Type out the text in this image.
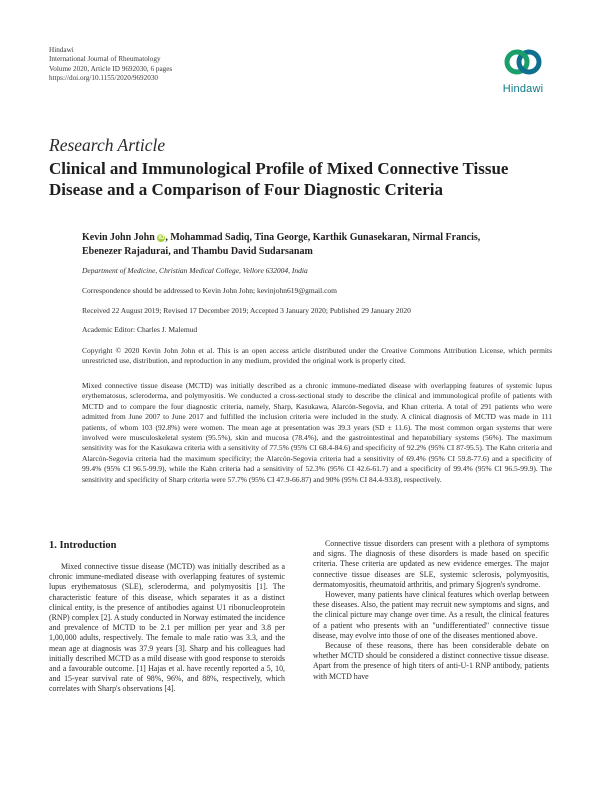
Hindawi
International Journal of Rheumatology
Volume 2020, Article ID 9692030, 6 pages
https://doi.org/10.1155/2020/9692030
Hindawi
Research Article
Clinical and Immunological Profile of Mixed Connective Tissue Disease and a Comparison of Four Diagnostic Criteria
Kevin John John iD, Mohammad Sadiq, Tina George, Karthik Gunasekaran, Nirmal Francis,
Ebenezer Rajadurai, and Thambu David Sudarsanam
Department of Medicine, Christian Medical College, Vellore 632004, India
Correspondence should be addressed to Kevin John John; kevinjohn619@gmail.com
Received 22 August 2019; Revised 17 December 2019; Accepted 3 January 2020; Published 29 January 2020
Academic Editor: Charles J. Malemud
Copyright © 2020 Kevin John John et al. This is an open access article distributed under the Creative Commons Attribution License, which permits unrestricted use, distribution, and reproduction in any medium, provided the original work is properly cited.
Mixed connective tissue disease (MCTD) was initially described as a chronic immune-mediated disease with overlapping features of systemic lupus erythematosus, scleroderma, and polymyositis. We conducted a cross-sectional study to describe the clinical and immunological profile of patients with MCTD and to compare the four diagnostic criteria, namely, Sharp, Kasukawa, Alarcón-Segovia, and Khan criteria. A total of 291 patients who were admitted from June 2007 to June 2017 and fulfilled the inclusion criteria were included in the study. A clinical diagnosis of MCTD was made in 111 patients, of whom 103 (92.8%) were women. The mean age at presentation was 39.3 years (SD ± 11.6). The most common organ systems that were involved were musculoskeletal system (95.5%), skin and mucosa (78.4%), and the gastrointestinal and hepatobiliary systems (56%). The maximum sensitivity was for the Kasukawa criteria with a sensitivity of 77.5% (95% CI 68.4-84.6) and specificity of 92.2% (95% CI 87-95.5). The Kahn criteria and Alarcón-Segovia criteria had the maximum specificity; the Alarcón-Segovia criteria had a sensitivity of 69.4% (95% CI 59.8-77.6) and a specificity of 99.4% (95% CI 96.5-99.9), while the Kahn criteria had a sensitivity of 52.3% (95% CI 42.6-61.7) and a specificity of 99.4% (95% CI 96.5-99.9). The sensitivity and specificity of Sharp criteria were 57.7% (95% CI 47.9-66.87) and 90% (95% CI 84.4-93.8), respectively.
1. Introduction

Mixed connective tissue disease (MCTD) was initially described as a chronic immune-mediated disease with overlapping features of systemic lupus erythematosus (SLE), scleroderma, and polymyositis [1]. The characteristic feature of this disease, which separates it as a distinct clinical entity, is the presence of antibodies against U1 ribonucleoprotein (RNP) complex [2]. A study conducted in Norway estimated the incidence and prevalence of MCTD to be 2.1 per million per year and 3.8 per 1,00,000 adults, respectively. The female to male ratio was 3.3, and the mean age at diagnosis was 37.9 years [3]. Sharp and his colleagues had initially described MCTD as a mild disease with good response to steroids and a favourable outcome. [1] Hajas et al. have recently reported a 5, 10, and 15-year survival rate of 98%, 96%, and 88%, respectively, which correlates with Sharp's observations [4].

Connective tissue disorders can present with a plethora of symptoms and signs. The diagnosis of these disorders is made based on specific criteria. These criteria are updated as new evidence emerges. The major connective tissue diseases are SLE, systemic sclerosis, polymyositis, dermatomyositis, rheumatoid arthritis, and primary Sjogren's syndrome.

However, many patients have clinical features which overlap between these diseases. Also, the patient may recruit new symptoms and signs, and the clinical picture may change over time. As a result, the clinical features of a patient who presents with an "undifferentiated" connective tissue disease, may evolve into those of one of the diseases mentioned above.

Because of these reasons, there has been considerable debate on whether MCTD should be considered a distinct connective tissue disease. Apart from the presence of high titers of anti-U-1 RNP antibody, patients with MCTD have
